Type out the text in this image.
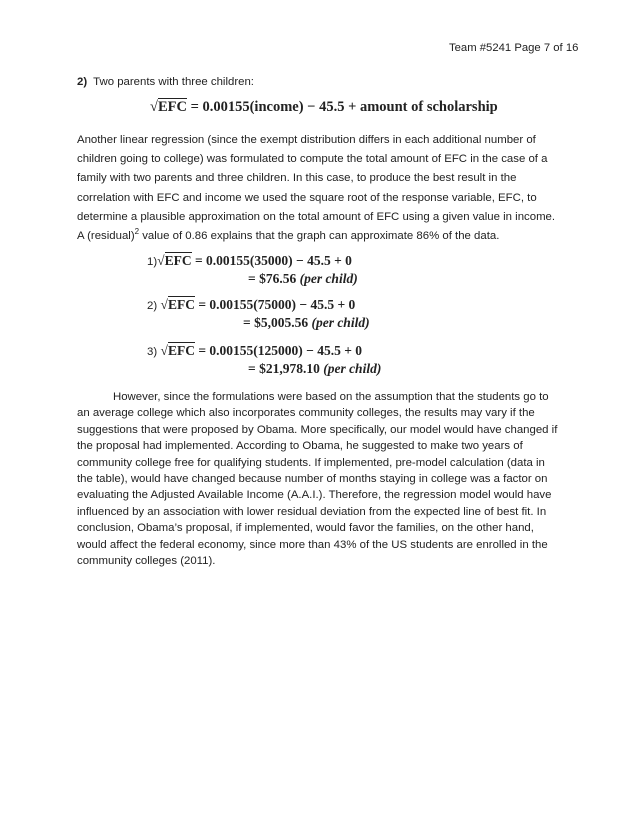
Team #5241 Page 7 of 16
2) Two parents with three children:
√EFC = 0.00155(income) − 45.5 + amount of scholarship
Another linear regression (since the exempt distribution differs in each additional number of
children going to college) was formulated to compute the total amount of EFC in the case of a
family with two parents and three children. In this case, to produce the best result in the
correlation with EFC and income we used the square root of the response variable, EFC, to
determine a plausible approximation on the total amount of EFC using a given value in income.
A (residual)$^2$ value of 0.86 explains that the graph can approximate 86% of the data.
1)√EFC = 0.00155(35000) − 45.5 + 0
= $76.56 (per child)
2) √EFC = 0.00155(75000) − 45.5 + 0
= $5,005.56 (per child)
3) √EFC = 0.00155(125000) − 45.5 + 0
= $21,978.10 (per child)
However, since the formulations were based on the assumption that the students go to
an average college which also incorporates community colleges, the results may vary if the
suggestions that were proposed by Obama. More specifically, our model would have changed if
the proposal had implemented. According to Obama, he suggested to make two years of
community college free for qualifying students. If implemented, pre-model calculation (data in
the table), would have changed because number of months staying in college was a factor on
evaluating the Adjusted Available Income (A.A.I.). Therefore, the regression model would have
influenced by an association with lower residual deviation from the expected line of best fit. In
conclusion, Obama’s proposal, if implemented, would favor the families, on the other hand,
would affect the federal economy, since more than 43% of the US students are enrolled in the
community colleges (2011).
